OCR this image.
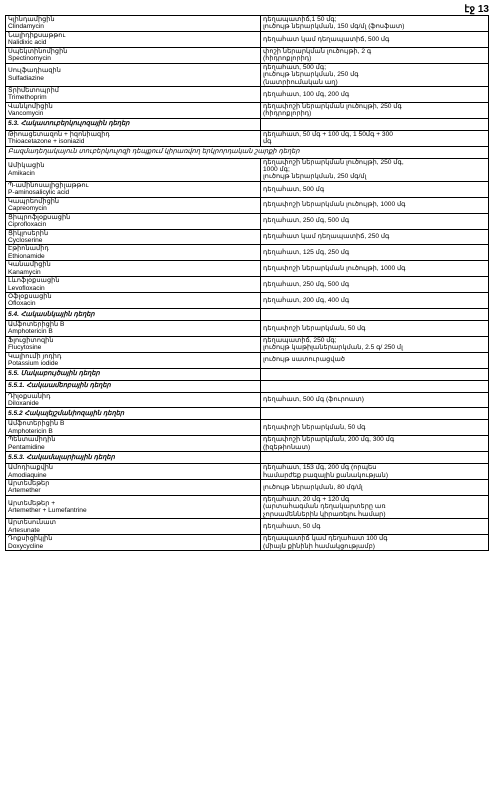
էջ 13
Կլինդամիցին
Clindamycin	դեղապատիճ,1 50 մգ;
լուծույթ ներարկման, 150 մգ/մլ (ֆոսֆատ)

Նալիդիքսաթթու
Nalidixic acid	դեղահատ կամ դեղապատիճ, 500 մգ

Սպեկտինոմիցին
Spectinomycin	փոշի ներարկման լուծույթի, 2 գ
(հիդրոքլորիդ)

Սուլֆադիազին
Sulfadiazine	դեղահատ, 500 մգ;
լուծույթ ներարկման, 250 մգ
(նատրիումական աղ)

Տրիմետոպրիմ
Trimethoprim	դեղահատ, 100 մգ, 200 մգ

Վանկոմիցին
Vancomycin	դեղափոշի ներարկման լուծույթի, 250 մգ
(հիդրոքլորիդ)

5.3. Հակատուբերկուլոզային դեղեր	

Թիոացետազոն + իզոնիազիդ
Thioacetazone + isoniazid	դեղահատ, 50 մգ + 100 մգ, 1 50մգ + 300
մգ

Բազմադեղակայուն տուբերկուլոզի դեպքում կիրառվող երկրորդական շարքի դեղեր	

Ամիկացին
Amikacin	դեղափոշի ներարկման լուծույթի, 250 մգ,
1000 մգ;
լուծույթ ներարկման, 250 մգ/մլ

Պ-ամինոսալիցիլաթթու
P-aminosalicylic acid	դեղահատ, 500 մգ

Կապրեոմիցին
Capreomycin	դեղափոշի ներարկման լուծույթի, 1000 մգ

Ցիպրոֆլօքսացին
Ciprofloxacin	դեղահատ, 250 մգ, 500 մգ

Ցիկլոսերին
Cycloserine	դեղահատ կամ դեղապատիճ, 250 մգ

Էթիոնամիդ
Ethionamide	դեղահատ, 125 մգ, 250 մգ

Կանամիցին
Kanamycin	դեղափոշի ներարկման լուծույթի, 1000 մգ

Լևոֆլօքսացին
Levofloxacin	դեղահատ, 250 մգ, 500 մգ

Օֆլօքսացին
Ofloxacin	դեղահատ, 200 մգ, 400 մգ

5.4. Հակասնկային դեղեր	

Ամֆոտերիցին B
Amphotericin B	դեղափոշի ներարկման, 50 մգ

Ֆլուցիտոզին
Flucytosine	դեղապատիճ, 250 մգ;
լուծույթ կաթիլաներարկման, 2.5 գ/ 250 մլ

Կալիումի յոդիդ
Potassium iodide	լուծույթ սատուրացված

5.5. Մակաբույծային դեղեր	
5.5.1. Հակաամեոբային դեղեր	

Դիլօքսանիդ
Diloxanide	դեղահատ, 500 մգ (ֆուրոատ)

5.5.2 Հակալեյշմանիոզային դեղեր	

Ամֆոտերիցին B
Amphotericin B	դեղափոշի ներարկման, 50 մգ

Պենտամիդին
Pentamidine	դեղափոշի ներարկման, 200 մգ, 300 մգ
(իզեթիոնատ)

5.5.3. Հակամալարիային դեղեր	

Ամոդիաքվին
Amodiaquine	դեղահատ, 153 մգ, 200 մգ (որպես
համարժեք բազային քանակության)

Արտեմեթեր
Artemether	լուծույթ ներարկման, 80 մգ/մլ

Արտեմեթեր +
Artemether + Lumefantrine	դեղահատ, 20 մգ + 120 մգ
(արտահագման դեղակարտերը առ
չորսամեններին կիրառելու համար)

Արտեսունատ
Artesunate	դեղահատ, 50 մգ

Դոքսիցիկլին
Doxycycline	դեղապատիճ կամ դեղահատ 100 մգ
(միայն քինինի համակցությամբ)
